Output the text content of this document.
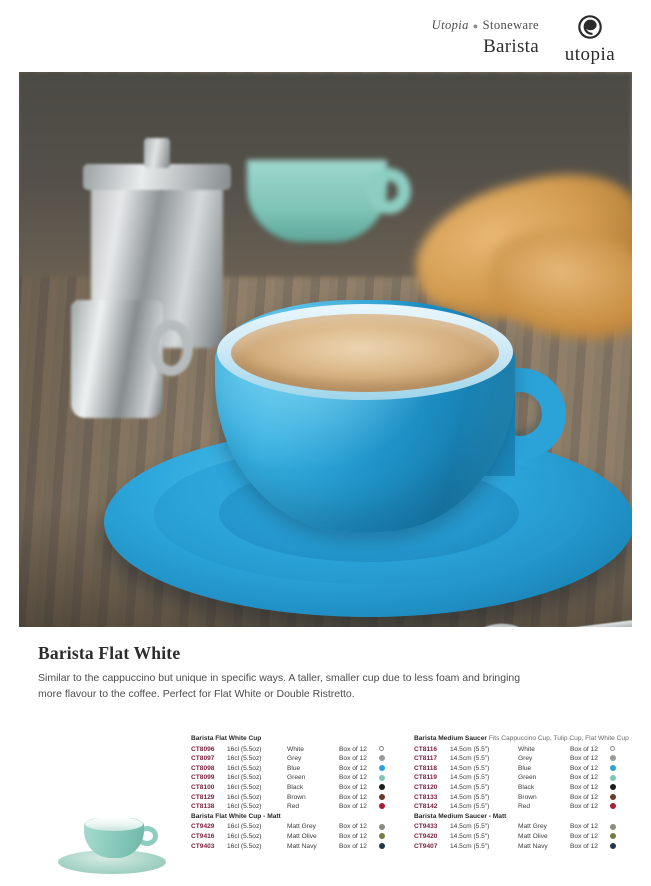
Utopia ● Stoneware
Barista	utopia
Barista Flat White

Similar to the cappuccino but unique in specific ways. A taller, smaller cup due to less foam and bringing more flavour to the coffee. Perfect for Flat White or Double Ristretto.

Barista Flat White Cup
CT8096	16cl (5.5oz)	White	Box of 12
CT8097	16cl (5.5oz)	Grey	Box of 12
CT8098	16cl (5.5oz)	Blue	Box of 12
CT8099	16cl (5.5oz)	Green	Box of 12
CT8100	16cl (5.5oz)	Black	Box of 12
CT8129	16cl (5.5oz)	Brown	Box of 12
CT8138	16cl (5.5oz)	Red	Box of 12
Barista Flat White Cup - Matt
CT9429	16cl (5.5oz)	Matt Grey	Box of 12
CT9416	16cl (5.5oz)	Matt Olive	Box of 12
CT9403	16cl (5.5oz)	Matt Navy	Box of 12
Barista Medium Saucer Fits Cappuccino Cup, Tulip Cup, Flat White Cup
CT8116	14.5cm (5.5")	White	Box of 12
CT8117	14.5cm (5.5")	Grey	Box of 12
CT8118	14.5cm (5.5")	Blue	Box of 12
CT8119	14.5cm (5.5")	Green	Box of 12
CT8120	14.5cm (5.5")	Black	Box of 12
CT8133	14.5cm (5.5")	Brown	Box of 12
CT8142	14.5cm (5.5")	Red	Box of 12
Barista Medium Saucer - Matt
CT9433	14.5cm (5.5")	Matt Grey	Box of 12
CT9420	14.5cm (5.5")	Matt Olive	Box of 12
CT9407	14.5cm (5.5")	Matt Navy	Box of 12
